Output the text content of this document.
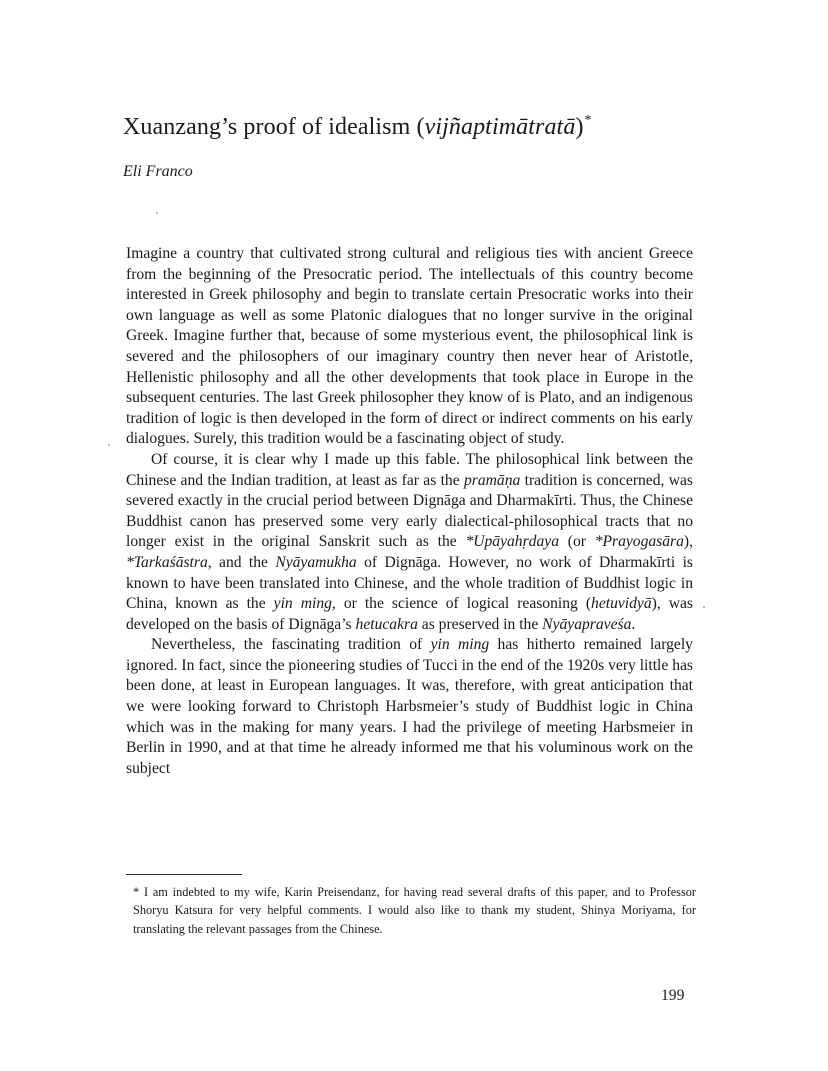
Xuanzang’s proof of idealism (vijñaptimātratā)*
Eli Franco

Imagine a country that cultivated strong cultural and religious ties with ancient Greece from the beginning of the Presocratic period. The intellectuals of this country become interested in Greek philosophy and begin to translate certain Presocratic works into their own language as well as some Platonic dialogues that no longer survive in the original Greek. Imagine further that, because of some mysterious event, the philosophical link is severed and the philosophers of our imaginary country then never hear of Aristotle, Hellenistic philosophy and all the other developments that took place in Europe in the subsequent centuries. The last Greek philosopher they know of is Plato, and an indigenous tradition of logic is then developed in the form of direct or indirect comments on his early dialogues. Surely, this tradition would be a fascinating object of study.

Of course, it is clear why I made up this fable. The philosophical link between the Chinese and the Indian tradition, at least as far as the pramāṇa tradition is concerned, was severed exactly in the crucial period between Dignāga and Dharmakīrti. Thus, the Chinese Buddhist canon has preserved some very early dialectical-philosophical tracts that no longer exist in the original Sanskrit such as the *Upāyahṛdaya (or *Prayogasāra), *Tarkaśāstra, and the Nyāyamukha of Dignāga. However, no work of Dharmakīrti is known to have been translated into Chinese, and the whole tradition of Buddhist logic in China, known as the yin ming, or the science of logical reasoning (hetuvidyā), was developed on the basis of Dignāga’s hetucakra as preserved in the Nyāyapraveśa.

Nevertheless, the fascinating tradition of yin ming has hitherto remained largely ignored. In fact, since the pioneering studies of Tucci in the end of the 1920s very little has been done, at least in European languages. It was, therefore, with great anticipation that we were looking forward to Christoph Harbsmeier’s study of Buddhist logic in China which was in the making for many years. I had the privilege of meeting Harbsmeier in Berlin in 1990, and at that time he already informed me that his voluminous work on the subject

* I am indebted to my wife, Karin Preisendanz, for having read several drafts of this paper, and to Professor Shoryu Katsura for very helpful comments. I would also like to thank my student, Shinya Moriyama, for translating the relevant passages from the Chinese.
199
